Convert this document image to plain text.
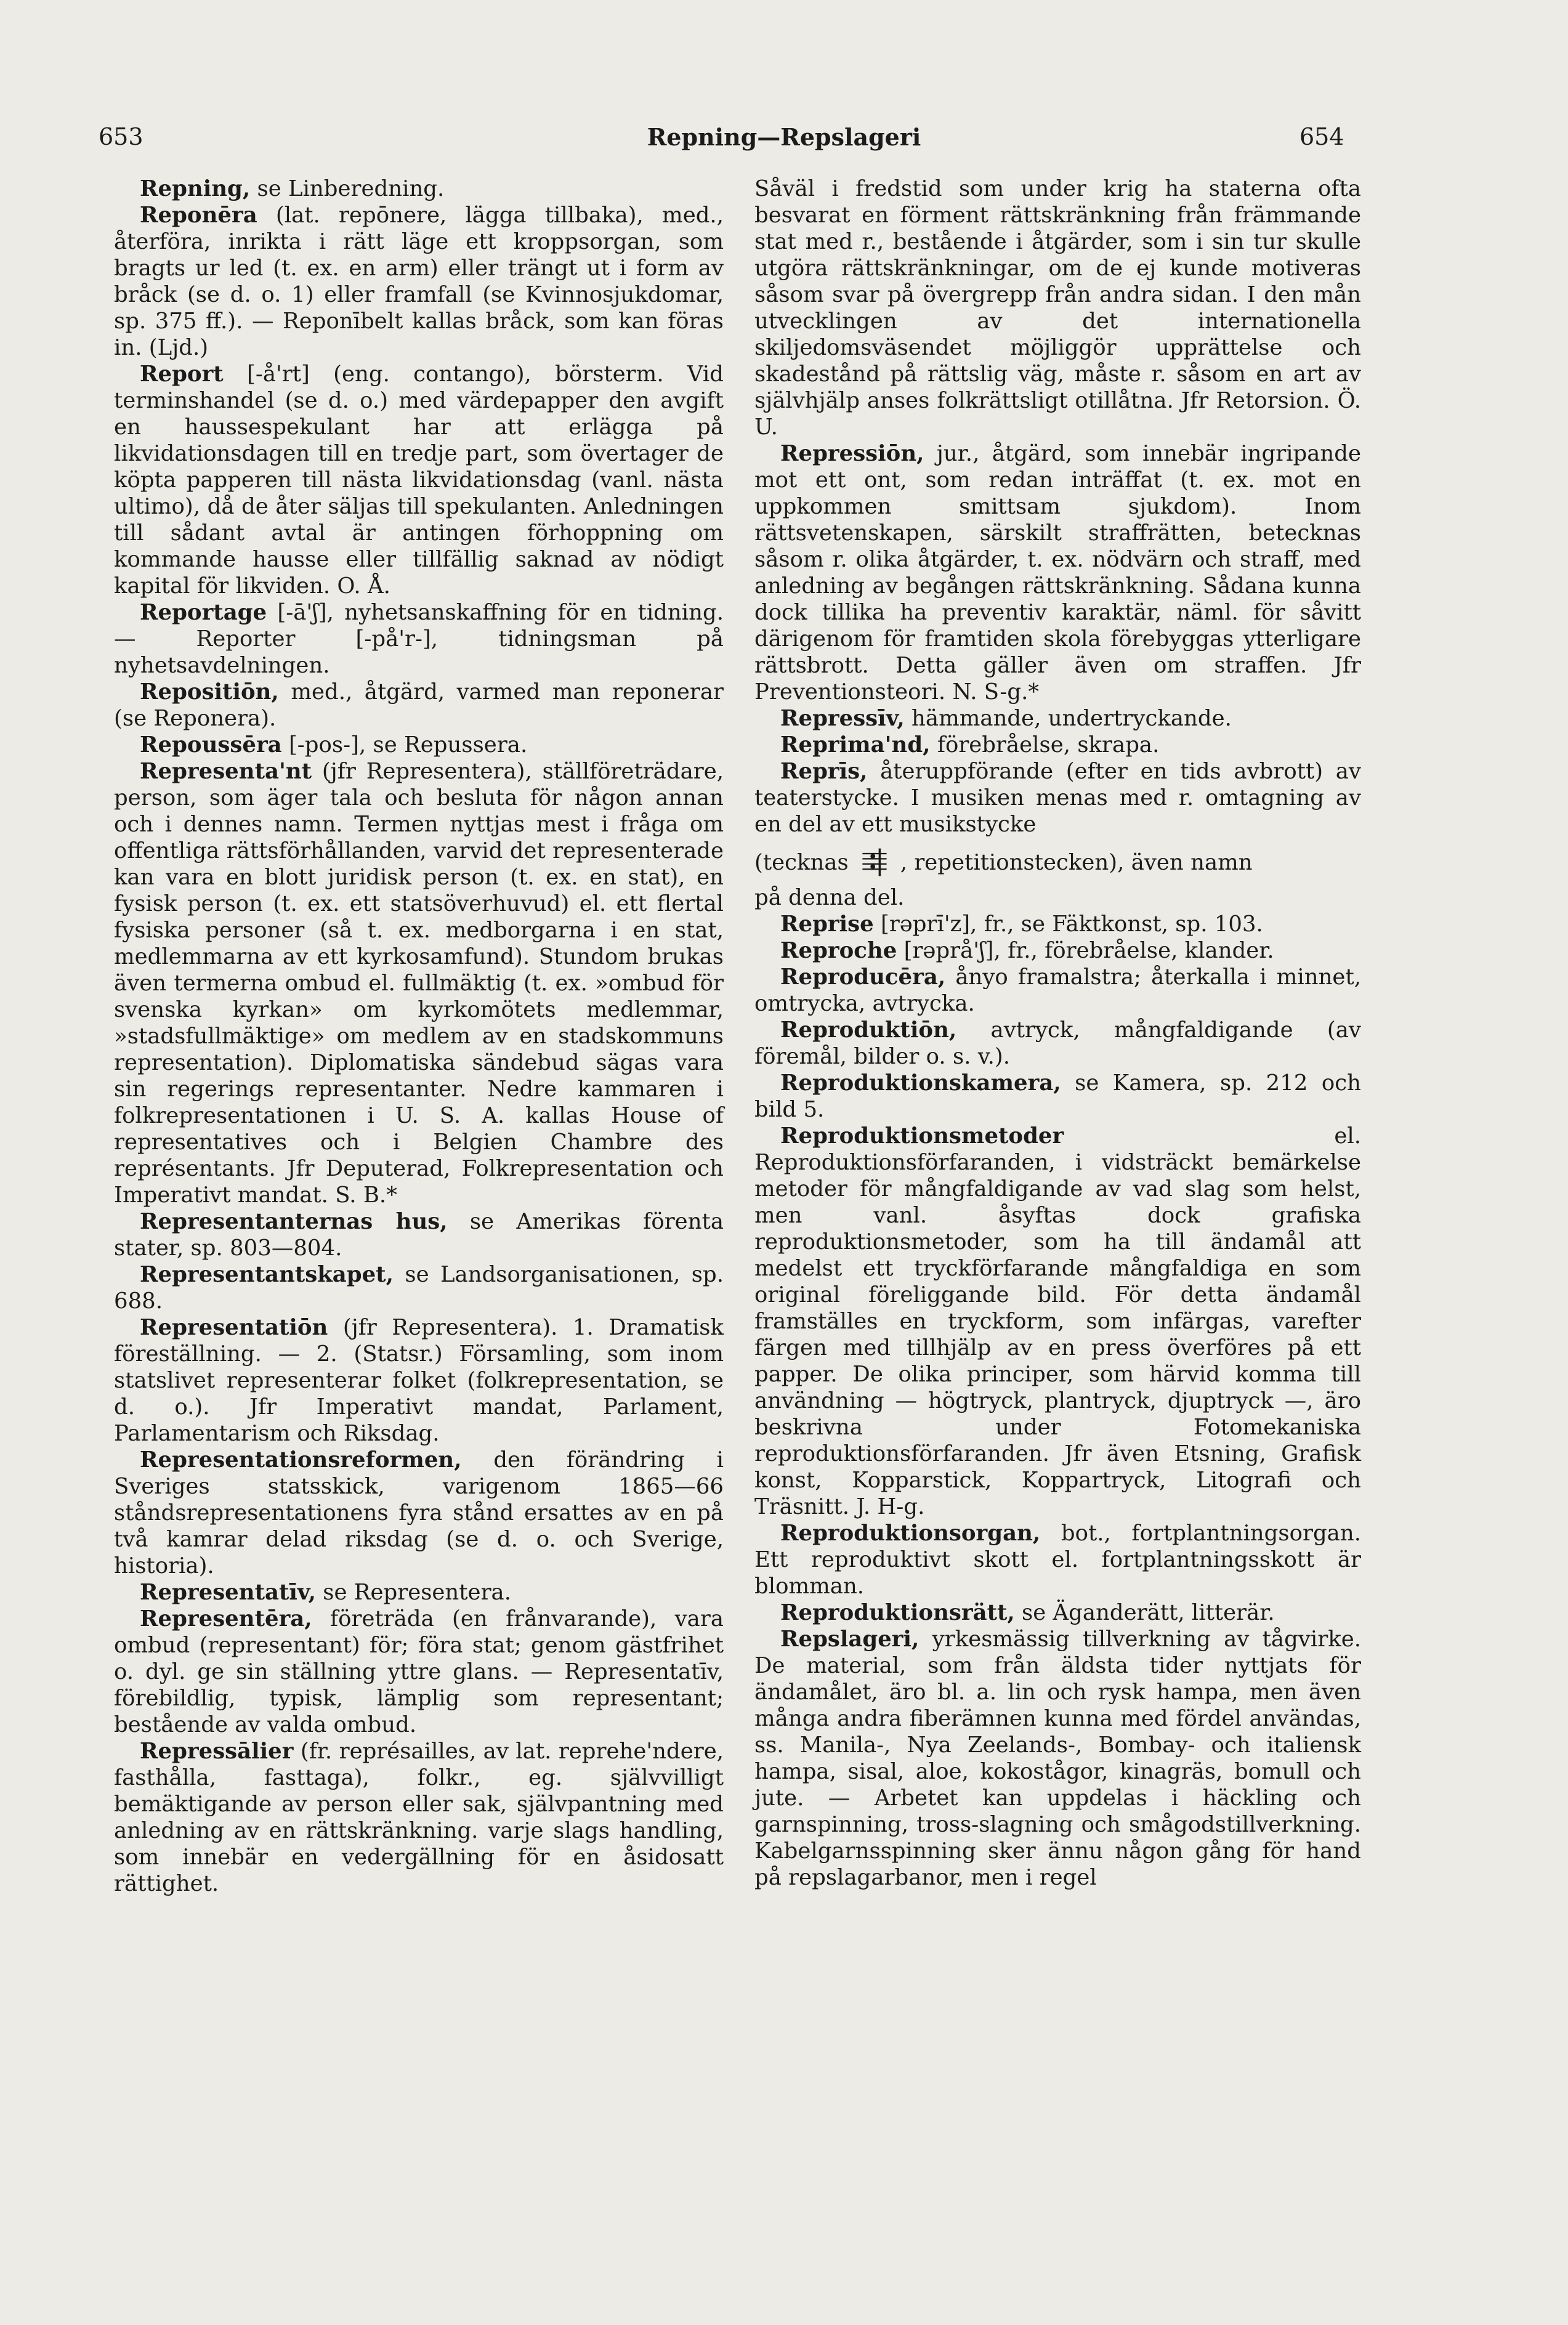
653	Repning—Repslageri	654

Repning, se Linberedning.

Reponēra (lat. repōnere, lägga tillbaka), med., återföra, inrikta i rätt läge ett kroppsorgan, som bragts ur led (t. ex. en arm) eller trängt ut i form av bråck (se d. o. 1) eller framfall (se Kvinnosjukdomar, sp. 375 ff.). — Reponībelt kallas bråck, som kan föras in. (Ljd.)

Report [-å'rt] (eng. contango), börsterm. Vid terminshandel (se d. o.) med värdepapper den avgift en haussespekulant har att erlägga på likvidationsdagen till en tredje part, som övertager de köpta papperen till nästa likvidationsdag (vanl. nästa ultimo), då de åter säljas till spekulanten. Anledningen till sådant avtal är antingen förhoppning om kommande hausse eller tillfällig saknad av nödigt kapital för likviden. O. Å.

Reportage [-ā'ʃ], nyhetsanskaffning för en tidning. — Reporter [-på'r-], tidningsman på nyhetsavdelningen.

Repositiōn, med., åtgärd, varmed man reponerar (se Reponera).

Repoussēra [-pos-], se Repussera.

Representa'nt (jfr Representera), ställföreträdare, person, som äger tala och besluta för någon annan och i dennes namn. Termen nyttjas mest i fråga om offentliga rättsförhållanden, varvid det representerade kan vara en blott juridisk person (t. ex. en stat), en fysisk person (t. ex. ett statsöverhuvud) el. ett flertal fysiska personer (så t. ex. medborgarna i en stat, medlemmarna av ett kyrkosamfund). Stundom brukas även termerna ombud el. fullmäktig (t. ex. »ombud för svenska kyrkan» om kyrkomötets medlemmar, »stadsfullmäktige» om medlem av en stadskommuns representation). Diplomatiska sändebud sägas vara sin regerings representanter. Nedre kammaren i folkrepresentationen i U. S. A. kallas House of representatives och i Belgien Chambre des représentants. Jfr Deputerad, Folkrepresentation och Imperativt mandat. S. B.*

Representanternas hus, se Amerikas förenta stater, sp. 803—804.

Representantskapet, se Landsorganisationen, sp. 688.

Representatiōn (jfr Representera). 1. Dramatisk föreställning. — 2. (Statsr.) Församling, som inom statslivet representerar folket (folkrepresentation, se d. o.). Jfr Imperativt mandat, Parlament, Parlamentarism och Riksdag.

Representationsreformen, den förändring i Sveriges statsskick, varigenom 1865—66 ståndsrepresentationens fyra stånd ersattes av en på två kamrar delad riksdag (se d. o. och Sverige, historia).

Representatīv, se Representera.

Representēra, företräda (en frånvarande), vara ombud (representant) för; föra stat; genom gästfrihet o. dyl. ge sin ställning yttre glans. — Representatīv, förebildlig, typisk, lämplig som representant; bestående av valda ombud.

Repressālier (fr. représailles, av lat. reprehe'ndere, fasthålla, fasttaga), folkr., eg. självvilligt bemäktigande av person eller sak, självpantning med anledning av en rättskränkning. varje slags handling, som innebär en vedergällning för en åsidosatt rättighet.

Såväl i fredstid som under krig ha staterna ofta besvarat en förment rättskränkning från främmande stat med r., bestående i åtgärder, som i sin tur skulle utgöra rättskränkningar, om de ej kunde motiveras såsom svar på övergrepp från andra sidan. I den mån utvecklingen av det internationella skiljedomsväsendet möjliggör upprättelse och skadestånd på rättslig väg, måste r. såsom en art av självhjälp anses folkrättsligt otillåtna. Jfr Retorsion. Ö. U.

Repressiōn, jur., åtgärd, som innebär ingripande mot ett ont, som redan inträffat (t. ex. mot en uppkommen smittsam sjukdom). Inom rättsvetenskapen, särskilt straffrätten, betecknas såsom r. olika åtgärder, t. ex. nödvärn och straff, med anledning av begången rättskränkning. Sådana kunna dock tillika ha preventiv karaktär, näml. för såvitt därigenom för framtiden skola förebyggas ytterligare rättsbrott. Detta gäller även om straffen. Jfr Preventionsteori. N. S-g.*

Repressīv, hämmande, undertryckande.

Reprima'nd, förebråelse, skrapa.

Reprīs, återuppförande (efter en tids avbrott) av teaterstycke. I musiken menas med r. omtagning av en del av ett musikstycke

(tecknas , repetitionstecken), även namn

på denna del.

Reprise [rəprī'z], fr., se Fäktkonst, sp. 103.

Reproche [rəprå'ʃ], fr., förebråelse, klander.

Reproducēra, ånyo framalstra; återkalla i minnet, omtrycka, avtrycka.

Reproduktiōn, avtryck, mångfaldigande (av föremål, bilder o. s. v.).

Reproduktionskamera, se Kamera, sp. 212 och bild 5.

Reproduktionsmetoder el. Reproduktionsförfaranden, i vidsträckt bemärkelse metoder för mångfaldigande av vad slag som helst, men vanl. åsyftas dock grafiska reproduktionsmetoder, som ha till ändamål att medelst ett tryckförfarande mångfaldiga en som original föreliggande bild. För detta ändamål framställes en tryckform, som infärgas, varefter färgen med tillhjälp av en press överföres på ett papper. De olika principer, som härvid komma till användning — högtryck, plantryck, djuptryck —, äro beskrivna under Fotomekaniska reproduktionsförfaranden. Jfr även Etsning, Grafisk konst, Kopparstick, Koppartryck, Litografi och Träsnitt. J. H-g.

Reproduktionsorgan, bot., fortplantningsorgan. Ett reproduktivt skott el. fortplantningsskott är blomman.

Reproduktionsrätt, se Äganderätt, litterär.

Repslageri, yrkesmässig tillverkning av tågvirke. De material, som från äldsta tider nyttjats för ändamålet, äro bl. a. lin och rysk hampa, men även många andra fiberämnen kunna med fördel användas, ss. Manila-, Nya Zeelands-, Bombay- och italiensk hampa, sisal, aloe, kokostågor, kinagräs, bomull och jute. — Arbetet kan uppdelas i häckling och garnspinning, tross-slagning och smågodstillverkning. Kabelgarnsspinning sker ännu någon gång för hand på repslagarbanor, men i regel
